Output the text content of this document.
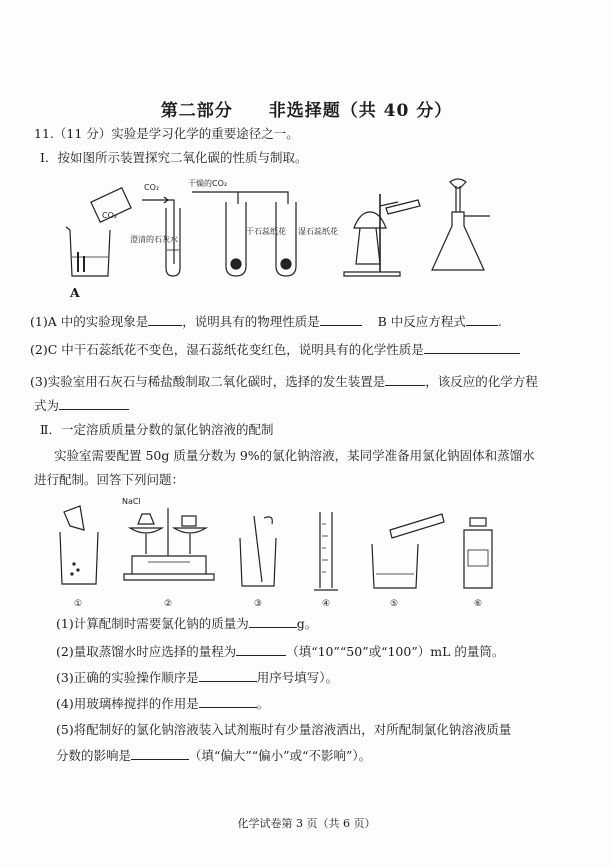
第二部分　　非选择题（共 40 分）
11.（11 分）实验是学习化学的重要途径之一。
Ⅰ．按如图所示装置探究二氧化碳的性质与制取。
CO₂
CO₂
澄清的石灰水
干燥的CO₂
干石蕊纸花 湿石蕊纸花
A
(1)A 中的实验现象是	，说明具有的物理性质是	B 中反应方程式	.
(2)C 中干石蕊纸花不变色，湿石蕊纸花变红色，说明具有的化学性质是
(3)实验室用石灰石与稀盐酸制取二氧化碳时，选择的发生装置是	，该反应的化学方程
式为
Ⅱ．一定溶质质量分数的氯化钠溶液的配制
实验室需要配置 50g 质量分数为 9%的氯化钠溶液，某同学准备用氯化钠固体和蒸馏水
进行配制。回答下列问题：
NaCl
①	②	③	④	⑤	⑥
(1)计算配制时需要氯化钠的质量为	g。
(2)量取蒸馏水时应选择的量程为	（填“10”“50”或“100”）mL 的量筒。
(3)正确的实验操作顺序是	用序号填写）。
(4)用玻璃棒搅拌的作用是	。
(5)将配制好的氯化钠溶液装入试剂瓶时有少量溶液洒出，对所配制氯化钠溶液质量
分数的影响是	（填“偏大”“偏小”或“不影响”）。
化学试卷第 3 页（共 6 页）
